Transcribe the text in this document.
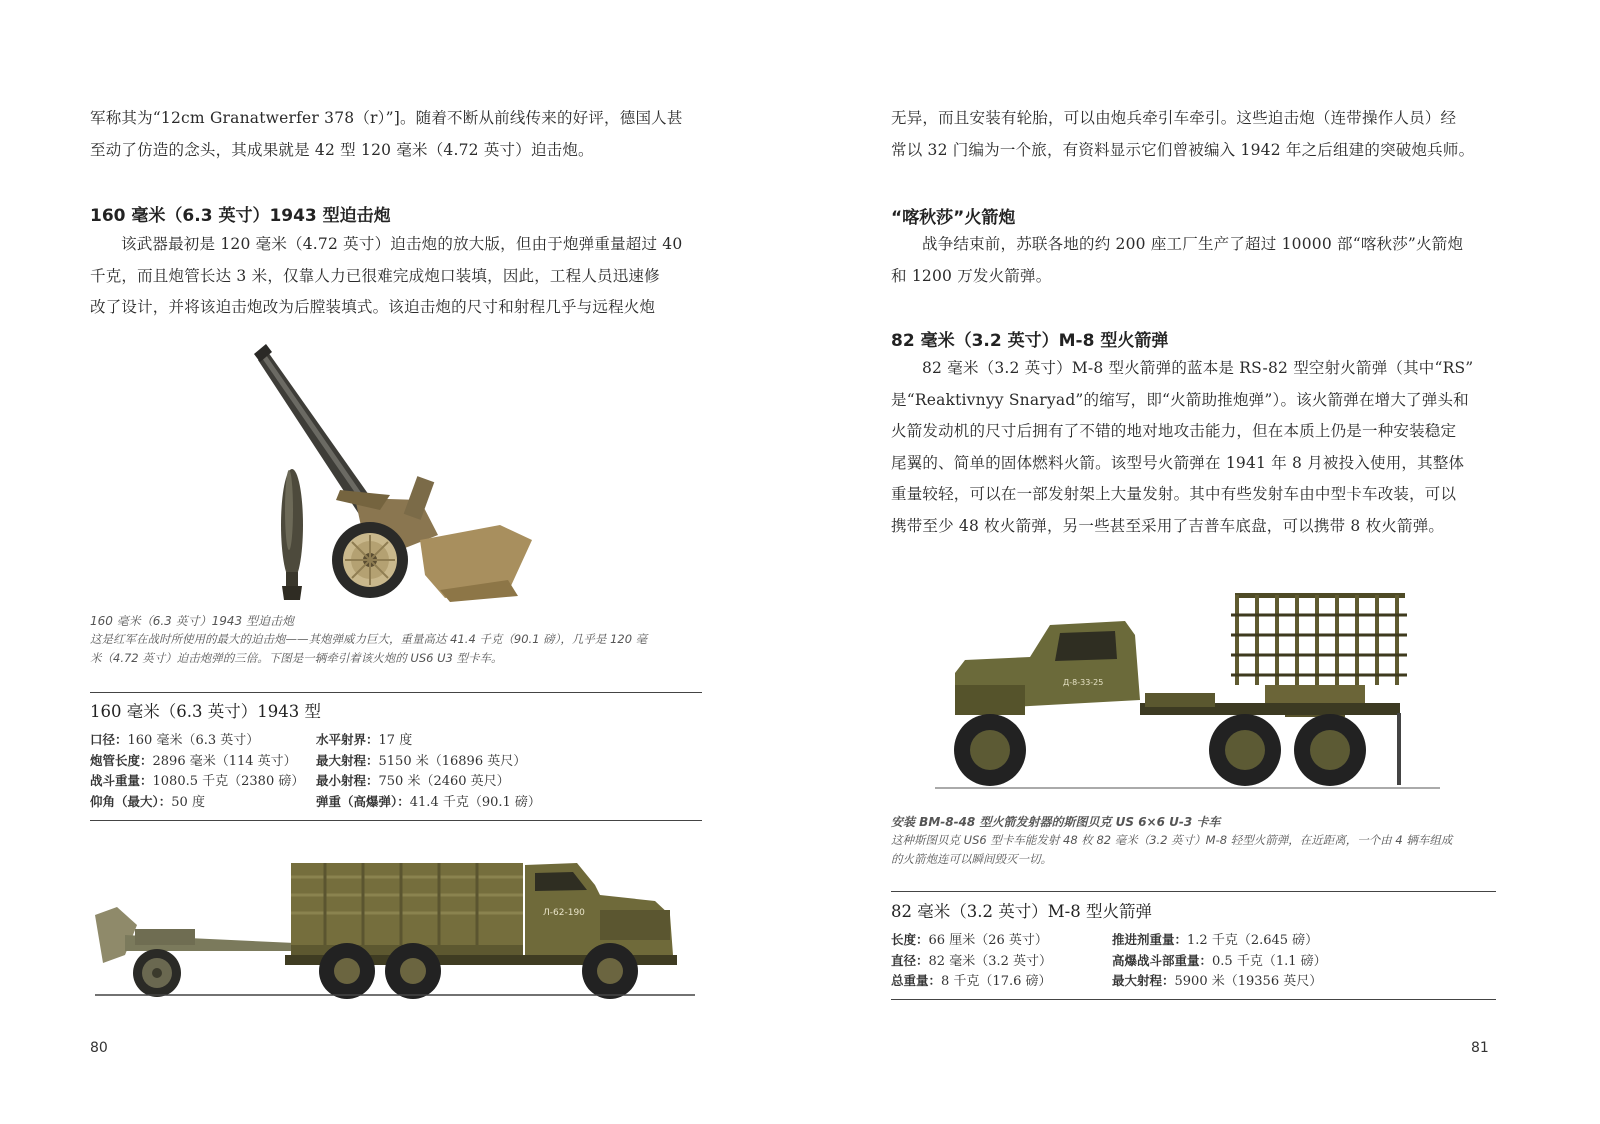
军称其为“12cm Granatwerfer 378（r）”]。随着不断从前线传来的好评，德国人甚

至动了仿造的念头，其成果就是 42 型 120 毫米（4.72 英寸）迫击炮。

160 毫米（6.3 英寸）1943 型迫击炮

该武器最初是 120 毫米（4.72 英寸）迫击炮的放大版，但由于炮弹重量超过 40

千克，而且炮管长达 3 米，仅靠人力已很难完成炮口装填，因此，工程人员迅速修

改了设计，并将该迫击炮改为后膛装填式。该迫击炮的尺寸和射程几乎与远程火炮

160 毫米（6.3 英寸）1943 型迫击炮

这是红军在战时所使用的最大的迫击炮——其炮弹威力巨大，重量高达 41.4 千克（90.1 磅），几乎是 120 毫

米（4.72 英寸）迫击炮弹的三倍。下图是一辆牵引着该火炮的 US6 U3 型卡车。

160 毫米（6.3 英寸）1943 型

口径：160 毫米（6.3 英寸）
炮管长度：2896 毫米（114 英寸）
战斗重量：1080.5 千克（2380 磅）
仰角（最大）：50 度
水平射界：17 度
最大射程：5150 米（16896 英尺）
最小射程：750 米（2460 英尺）
弹重（高爆弹）：41.4 千克（90.1 磅）
Л-62-190
80

无异，而且安装有轮胎，可以由炮兵牵引车牵引。这些迫击炮（连带操作人员）经

常以 32 门编为一个旅，有资料显示它们曾被编入 1942 年之后组建的突破炮兵师。

“喀秋莎”火箭炮

战争结束前，苏联各地的约 200 座工厂生产了超过 10000 部“喀秋莎”火箭炮

和 1200 万发火箭弹。

82 毫米（3.2 英寸）M-8 型火箭弹

82 毫米（3.2 英寸）M-8 型火箭弹的蓝本是 RS-82 型空射火箭弹（其中“RS”

是“Reaktivnyy Snaryad”的缩写，即“火箭助推炮弹”）。该火箭弹在增大了弹头和

火箭发动机的尺寸后拥有了不错的地对地攻击能力，但在本质上仍是一种安装稳定

尾翼的、简单的固体燃料火箭。该型号火箭弹在 1941 年 8 月被投入使用，其整体

重量较轻，可以在一部发射架上大量发射。其中有些发射车由中型卡车改装，可以

携带至少 48 枚火箭弹，另一些甚至采用了吉普车底盘，可以携带 8 枚火箭弹。

Д-8-33-25

安装 BM-8-48 型火箭发射器的斯图贝克 US 6×6 U-3 卡车

这种斯图贝克 US6 型卡车能发射 48 枚 82 毫米（3.2 英寸）M-8 轻型火箭弹，在近距离，一个由 4 辆车组成

的火箭炮连可以瞬间毁灭一切。

82 毫米（3.2 英寸）M-8 型火箭弹

长度：66 厘米（26 英寸）
直径：82 毫米（3.2 英寸）
总重量：8 千克（17.6 磅）
推进剂重量：1.2 千克（2.645 磅）
高爆战斗部重量：0.5 千克（1.1 磅）
最大射程：5900 米（19356 英尺）
81
